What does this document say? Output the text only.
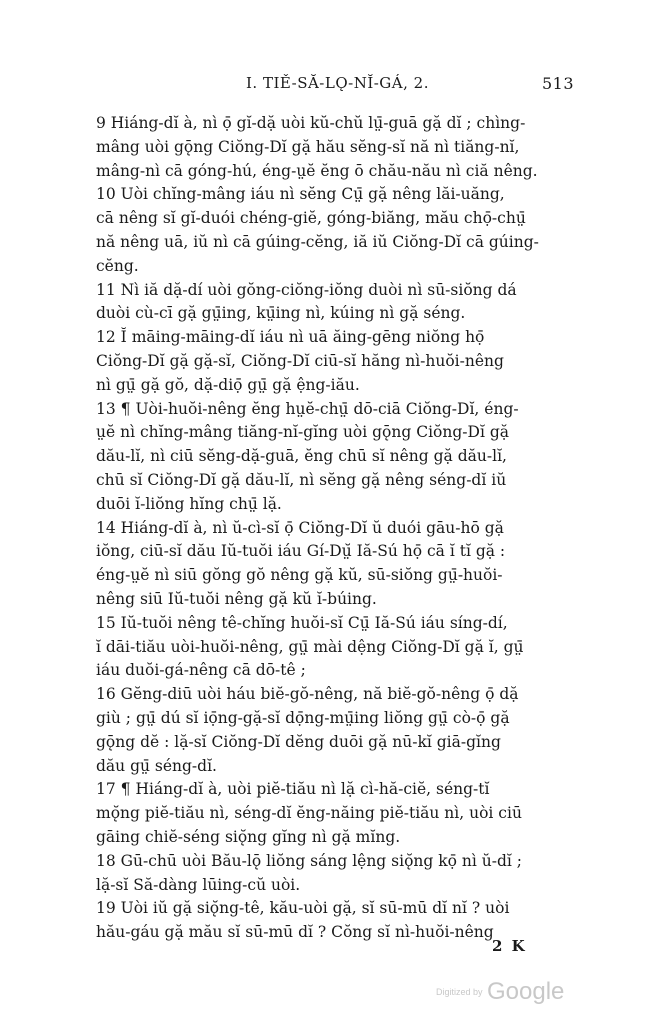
I. TIĚ-SĂ-LǪ-NĬ-GÁ, 2.	513
9 Hiáng-dĭ à, nì ọ̄ gĭ-dặ uòi kŭ-chŭ lṳ̄-guā gặ dĭ ; chìng-
mâng uòi gǭng Ciŏng-Dĭ gặ hău sĕng-sĭ nă nì tiăng-nĭ,
mâng-nì cā góng-hú, éng-ṳĕ ĕng ō chău-nău nì ciă nêng.
10 Uòi chĭng-mâng iáu nì sĕng Cṳ̄ gặ nêng lăi-uăng,
cā nêng sĭ gĭ-duói chéng-giĕ, góng-biăng, mău chọ̄-chṳ̄
nă nêng uā, iŭ nì cā gúing-cĕng, iă iŭ Ciŏng-Dĭ cā gúing-
cĕng.
11 Nì iă dặ-dí uòi gŏng-ciŏng-iŏng duòi nì sū-siŏng dá
duòi cù-cī gặ gṳ̄ing, kṳ̄ing nì, kúing nì gặ séng.
12 Ĭ māing-māing-dĭ iáu nì uā ăing-gēng niŏng họ̄
Ciŏng-Dĭ gặ gặ-sĭ, Ciŏng-Dĭ ciū-sĭ hăng nì-huŏi-nêng
nì gṳ̄ gặ gŏ, dặ-diọ̄ gṳ̄ gặ ệng-iău.
13 ¶ Uòi-huŏi-nêng ĕng hṳĕ-chṳ̄ dō-ciā Ciŏng-Dĭ, éng-
ṳĕ nì chĭng-mâng tiăng-nĭ-gĭng uòi gǭng Ciŏng-Dĭ gặ
dău-lĭ, nì ciū sĕng-dặ-guā, ĕng chū sĭ nêng gặ dău-lĭ,
chū sĭ Ciŏng-Dĭ gặ dău-lĭ, nì sĕng gặ nêng séng-dĭ iŭ
duōi ĭ-liŏng hĭng chṳ̄ lặ.
14 Hiáng-dĭ à, nì ŭ-cì-sĭ ọ̄ Ciŏng-Dĭ ŭ duói gāu-hō gặ
iŏng, ciū-sĭ dău Iŭ-tuŏi iáu Gí-Dṳ̆ Iă-Sú họ̄ cā ĭ tĭ gặ :
éng-ṳĕ nì siū gŏng gŏ nêng gặ kŭ, sū-siŏng gṳ̄-huŏi-
nêng siū Iŭ-tuŏi nêng gặ kŭ ĭ-búing.
15 Iŭ-tuŏi nêng tê-chĭng huŏi-sĭ Cṳ̄ Iă-Sú iáu síng-dí,
ĭ dāi-tiău uòi-huŏi-nêng, gṳ̄ mài dệng Ciŏng-Dĭ gặ ĭ, gṳ̄
iáu duŏi-gá-nêng cā dō-tê ;
16 Gĕng-diū uòi háu biĕ-gŏ-nêng, nă biĕ-gŏ-nêng ọ̄ dặ
giù ; gṳ̄ dú sĭ iọ̄ng-gặ-sĭ dọ̄ng-mṳ̄ing liŏng gṳ̄ cò-ọ̄ gặ
gǭng dĕ : lặ-sĭ Ciŏng-Dĭ dĕng duōi gặ nū-kĭ giā-gĭng
dău gṳ̄ séng-dĭ.
17 ¶ Hiáng-dĭ à, uòi piĕ-tiău nì lặ cì-hă-ciĕ, séng-tĭ
mǫ̆ng piĕ-tiău nì, séng-dĭ ĕng-năing piĕ-tiău nì, uòi ciū
gāing chiĕ-séng siǫ̆ng gĭng nì gặ mĭng.
18 Gū-chū uòi Bău-lǭ liŏng sáng lệng siǫ̆ng kọ̄ nì ŭ-dĭ ;
lặ-sĭ Să-dàng lūing-cŭ uòi.
19 Uòi iŭ gặ siǫ̆ng-tê, kău-uòi gặ, sĭ sū-mū dĭ nĭ ? uòi
hău-gáu gặ mău sĭ sū-mū dĭ ? Cŏng sĭ nì-huŏi-nêng
2 K
Digitized by Google
